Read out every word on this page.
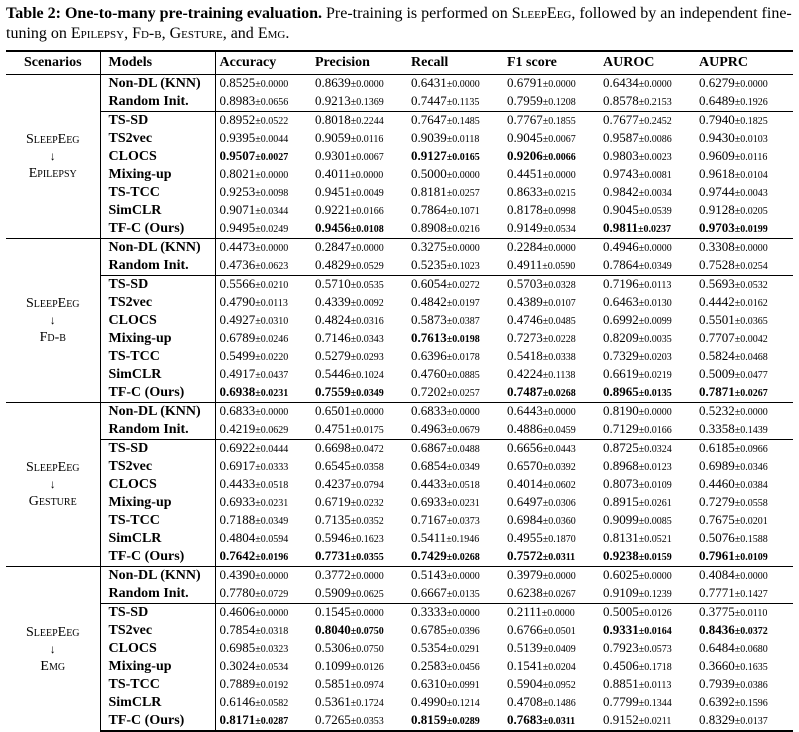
Table 2: One-to-many pre-training evaluation. Pre-training is performed on SleepEeg, followed by an independent fine-tuning on Epilepsy, Fd-b, Gesture, and Emg.
Scenarios	Models	Accuracy	Precision	Recall	F1 score	AUROC	AUPRC

SleepEeg
↓
Epilepsy	Non-DL (KNN)	0.8525±0.0000	0.8639±0.0000	0.6431±0.0000	0.6791±0.0000	0.6434±0.0000	0.6279±0.0000
	Random Init.	0.8983±0.0656	0.9213±0.1369	0.7447±0.1135	0.7959±0.1208	0.8578±0.2153	0.6489±0.1926
	TS-SD	0.8952±0.0522	0.8018±0.2244	0.7647±0.1485	0.7767±0.1855	0.7677±0.2452	0.7940±0.1825
	TS2vec	0.9395±0.0044	0.9059±0.0116	0.9039±0.0118	0.9045±0.0067	0.9587±0.0086	0.9430±0.0103
	CLOCS	0.9507±0.0027	0.9301±0.0067	0.9127±0.0165	0.9206±0.0066	0.9803±0.0023	0.9609±0.0116
	Mixing-up	0.8021±0.0000	0.4011±0.0000	0.5000±0.0000	0.4451±0.0000	0.9743±0.0081	0.9618±0.0104
	TS-TCC	0.9253±0.0098	0.9451±0.0049	0.8181±0.0257	0.8633±0.0215	0.9842±0.0034	0.9744±0.0043
	SimCLR	0.9071±0.0344	0.9221±0.0166	0.7864±0.1071	0.8178±0.0998	0.9045±0.0539	0.9128±0.0205
	TF-C (Ours)	0.9495±0.0249	0.9456±0.0108	0.8908±0.0216	0.9149±0.0534	0.9811±0.0237	0.9703±0.0199

SleepEeg
↓
Fd-b	Non-DL (KNN)	0.4473±0.0000	0.2847±0.0000	0.3275±0.0000	0.2284±0.0000	0.4946±0.0000	0.3308±0.0000
	Random Init.	0.4736±0.0623	0.4829±0.0529	0.5235±0.1023	0.4911±0.0590	0.7864±0.0349	0.7528±0.0254
	TS-SD	0.5566±0.0210	0.5710±0.0535	0.6054±0.0272	0.5703±0.0328	0.7196±0.0113	0.5693±0.0532
	TS2vec	0.4790±0.0113	0.4339±0.0092	0.4842±0.0197	0.4389±0.0107	0.6463±0.0130	0.4442±0.0162
	CLOCS	0.4927±0.0310	0.4824±0.0316	0.5873±0.0387	0.4746±0.0485	0.6992±0.0099	0.5501±0.0365
	Mixing-up	0.6789±0.0246	0.7146±0.0343	0.7613±0.0198	0.7273±0.0228	0.8209±0.0035	0.7707±0.0042
	TS-TCC	0.5499±0.0220	0.5279±0.0293	0.6396±0.0178	0.5418±0.0338	0.7329±0.0203	0.5824±0.0468
	SimCLR	0.4917±0.0437	0.5446±0.1024	0.4760±0.0885	0.4224±0.1138	0.6619±0.0219	0.5009±0.0477
	TF-C (Ours)	0.6938±0.0231	0.7559±0.0349	0.7202±0.0257	0.7487±0.0268	0.8965±0.0135	0.7871±0.0267

SleepEeg
↓
Gesture	Non-DL (KNN)	0.6833±0.0000	0.6501±0.0000	0.6833±0.0000	0.6443±0.0000	0.8190±0.0000	0.5232±0.0000
	Random Init.	0.4219±0.0629	0.4751±0.0175	0.4963±0.0679	0.4886±0.0459	0.7129±0.0166	0.3358±0.1439
	TS-SD	0.6922±0.0444	0.6698±0.0472	0.6867±0.0488	0.6656±0.0443	0.8725±0.0324	0.6185±0.0966
	TS2vec	0.6917±0.0333	0.6545±0.0358	0.6854±0.0349	0.6570±0.0392	0.8968±0.0123	0.6989±0.0346
	CLOCS	0.4433±0.0518	0.4237±0.0794	0.4433±0.0518	0.4014±0.0602	0.8073±0.0109	0.4460±0.0384
	Mixing-up	0.6933±0.0231	0.6719±0.0232	0.6933±0.0231	0.6497±0.0306	0.8915±0.0261	0.7279±0.0558
	TS-TCC	0.7188±0.0349	0.7135±0.0352	0.7167±0.0373	0.6984±0.0360	0.9099±0.0085	0.7675±0.0201
	SimCLR	0.4804±0.0594	0.5946±0.1623	0.5411±0.1946	0.4955±0.1870	0.8131±0.0521	0.5076±0.1588
	TF-C (Ours)	0.7642±0.0196	0.7731±0.0355	0.7429±0.0268	0.7572±0.0311	0.9238±0.0159	0.7961±0.0109

SleepEeg
↓
Emg	Non-DL (KNN)	0.4390±0.0000	0.3772±0.0000	0.5143±0.0000	0.3979±0.0000	0.6025±0.0000	0.4084±0.0000
	Random Init.	0.7780±0.0729	0.5909±0.0625	0.6667±0.0135	0.6238±0.0267	0.9109±0.1239	0.7771±0.1427
	TS-SD	0.4606±0.0000	0.1545±0.0000	0.3333±0.0000	0.2111±0.0000	0.5005±0.0126	0.3775±0.0110
	TS2vec	0.7854±0.0318	0.8040±0.0750	0.6785±0.0396	0.6766±0.0501	0.9331±0.0164	0.8436±0.0372
	CLOCS	0.6985±0.0323	0.5306±0.0750	0.5354±0.0291	0.5139±0.0409	0.7923±0.0573	0.6484±0.0680
	Mixing-up	0.3024±0.0534	0.1099±0.0126	0.2583±0.0456	0.1541±0.0204	0.4506±0.1718	0.3660±0.1635
	TS-TCC	0.7889±0.0192	0.5851±0.0974	0.6310±0.0991	0.5904±0.0952	0.8851±0.0113	0.7939±0.0386
	SimCLR	0.6146±0.0582	0.5361±0.1724	0.4990±0.1214	0.4708±0.1486	0.7799±0.1344	0.6392±0.1596
	TF-C (Ours)	0.8171±0.0287	0.7265±0.0353	0.8159±0.0289	0.7683±0.0311	0.9152±0.0211	0.8329±0.0137
